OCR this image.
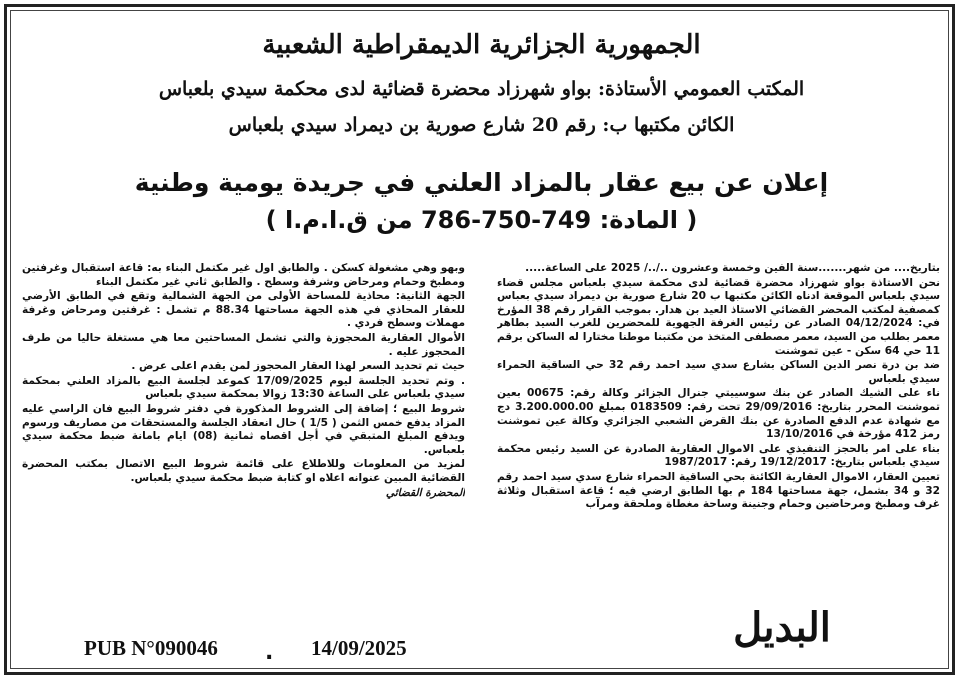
الجمهورية الجزائرية الديمقراطية الشعبية
المكتب العمومي الأستاذة: بواو شهرزاد محضرة قضائية لدى محكمة سيدي بلعباس
الكائن مكتبها ب: رقم 20 شارع صورية بن ديمراد سيدي بلعباس
إعلان عن بيع عقار بالمزاد العلني في جريدة يومية وطنية
( المادة: 749-750-786 من ق.ا.م.ا )

بتاريخ.... من شهر.......سنة الفين وخمسة وعشرون ../../ 2025 على الساعة.....

نحن الاستاذة بواو شهرزاد محضرة قضائية لدى محكمة سيدي بلعباس مجلس قضاء سيدي بلعباس الموقعة ادناه الكائن مكتبها ب 20 شارع صورية بن ديمراد سيدي بعباس كمصفية لمكتب المحضر القضائي الاستاذ العيد بن هدار. بموجب القرار رقم 38 المؤرخ في: 04/12/2024 الصادر عن رئيس الغرفة الجهوية للمحضرين للغرب السيد بطاهر معمر بطلب من السيد، معمر مصطفى المتخذ من مكتبنا موطنا مختارا له الساكن برقم 11 حي 64 سكن - عين تموشنت

ضد بن درة نصر الدين الساكن بشارع سدي سيد احمد رقم 32 حي الساقية الحمراء سيدي بلعباس

ناء على الشيك الصادر عن بنك سوسييتي جنرال الجزائر وكالة رقم: 00675 بعين تموشنت المحرر بتاريخ: 29/09/2016 تحت رقم: 0183509 بمبلغ 3.200.000.00 دج مع شهادة عدم الدفع الصادرة عن بنك القرض الشعبي الجزائري وكالة عين تموشنت رمز 412 مؤرخة في 13/10/2016

بناء على امر بالحجز التنفيذي على الاموال العقارية الصادرة عن السيد رئيس محكمة سيدي بلعباس بتاريخ: 19/12/2017 رقم: 1987/2017

تعيين العقار، الاموال العقارية الكائنة بحي الساقية الحمراء شارع سدي سيد احمد رقم 32 و 34 بشمل، جهة مساحتها 184 م بها الطابق ارضي فيه ؛ قاعة استقبال وثلاثة غرف ومطبخ ومرحاضين وحمام وجنينة وساحة مغطاة وملحقة ومرآب

وبهو وهي مشغولة كسكن . والطابق اول غير مكتمل البناء به: قاعة استقبال وغرفتين ومطبخ وحمام ومرحاض وشرفة وسطح . والطابق ثاني غير مكتمل البناء

الجهة الثانية: محاذية للمساحة الأولى من الجهة الشمالية وتقع في الطابق الأرضي للعقار المحاذي في هذه الجهة مساحتها 88.34 م تشمل : غرفتين ومرحاض وغرفة مهملات وسطح فردي .

الأموال العقارية المحجوزة والتي تشمل المساحتين معا هي مستغلة حاليا من طرف المحجوز عليه .

حيث تم تحديد السعر لهذا العقار المحجوز لمن يقدم اعلى عرض .

. وتم تحديد الجلسة ليوم 17/09/2025 كموعد لجلسة البيع بالمزاد العلني بمحكمة سيدي بلعباس على الساعة 13:30 زوالا بمحكمة سيدي بلعباس

شروط البيع ؛ إضافة إلى الشروط المذكورة في دفتر شروط البيع فان الراسي عليه المزاد يدفع خمس الثمن ( 1/5 ) حال انعقاد الجلسة والمستحقات من مصاريف ورسوم ويدفع المبلغ المتبقي في أجل اقصاه ثمانية (08) ايام بامانة ضبط محكمة سيدي بلعباس.

لمزيد من المعلومات وللاطلاع على قائمة شروط البيع الاتصال بمكتب المحضرة القضائية المبين عنوانه اعلاه او كتابة ضبط محكمة سيدي بلعباس.

المحضرة القضائي

البديل
PUB N°090046 . 14/09/2025
